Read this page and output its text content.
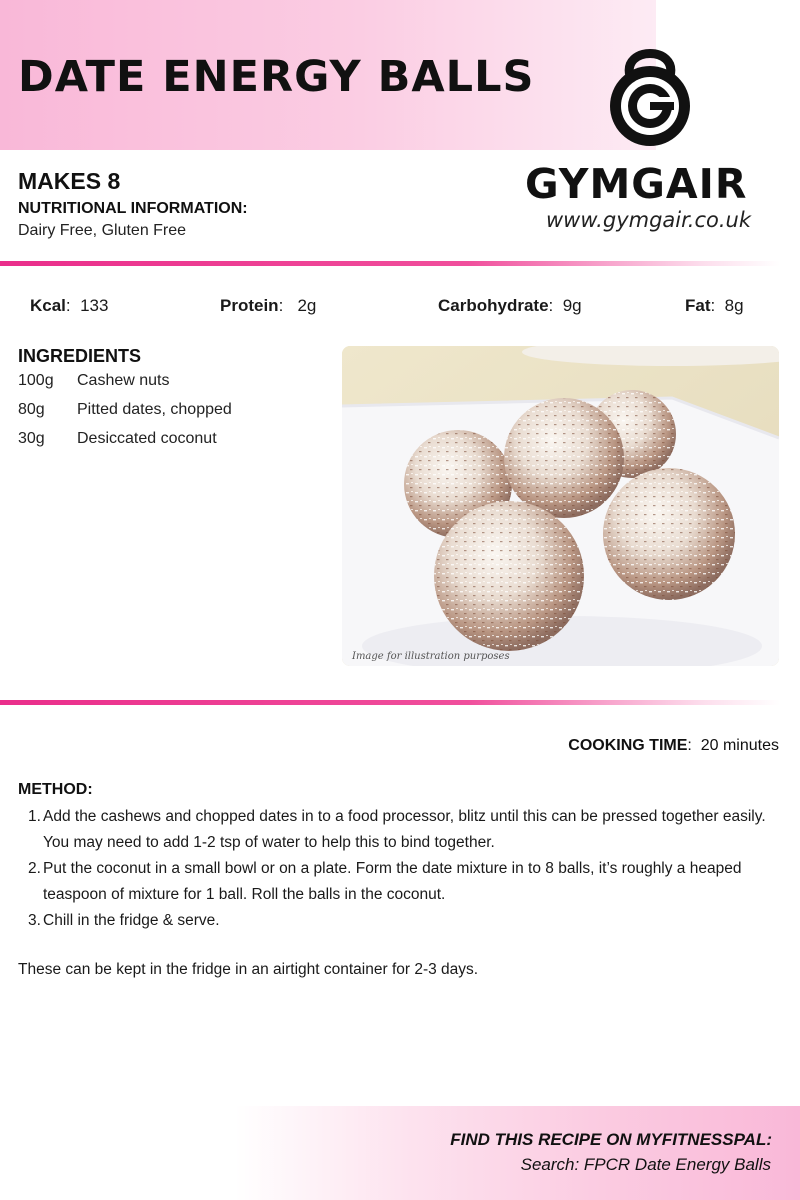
DATE ENERGY BALLS
GYMGAIR
www.gymgair.co.uk
MAKES 8
NUTRITIONAL INFORMATION:
Dairy Free, Gluten Free
Kcal:  133	Protein:   2g	Carbohydrate:  9g	Fat:  8g
INGREDIENTS
100g	Cashew nuts
80g	Pitted dates, chopped
30g	Desiccated coconut
Image for illustration purposes
COOKING TIME:  20 minutes
METHOD:
1. Add the cashews and chopped dates in to a food processor, blitz until this can be pressed together easily. You may need to add 1-2 tsp of water to help this to bind together.
2. Put the coconut in a small bowl or on a plate. Form the date mixture in to 8 balls, it’s roughly a heaped teaspoon of mixture for 1 ball. Roll the balls in the coconut.
3. Chill in the fridge & serve.
These can be kept in the fridge in an airtight container for 2-3 days.
FIND THIS RECIPE ON MYFITNESSPAL:
Search: FPCR Date Energy Balls
